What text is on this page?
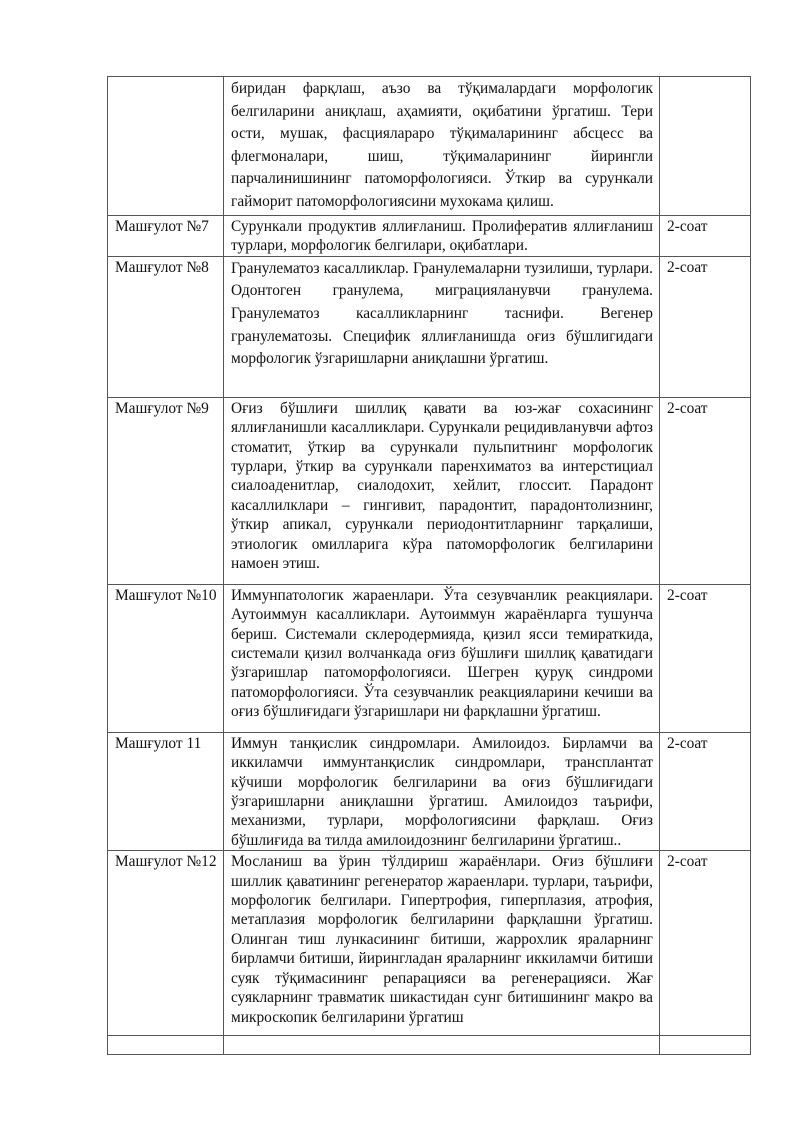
	биридан фарқлаш, аъзо ва тўқималардаги морфологик белгиларини аниқлаш, аҳамияти, оқибатини ўргатиш. Тери ости, мушак, фасциялараро тўқималарининг абсцесс ва флегмоналари, шиш, тўқималарининг йирингли парчалинишининг патоморфологияси. Ўткир ва сурункали гайморит патоморфологиясини мухокама қилиш.	
Машғулот №7	Сурункали продуктив яллиғланиш. Пролифератив яллиғланиш турлари, морфологик белгилари, оқибатлари.	2-соат
Машғулот №8	Гранулематоз касалликлар. Гранулемаларни тузилиши, турлари. Одонтоген гранулема, миграцияланувчи гранулема. Гранулематоз касалликларнинг таснифи. Вегенер гранулематозы. Специфик яллиғланишда оғиз бўшлигидаги морфологик ўзгаришларни аниқлашни ўргатиш.	2-соат
Машғулот №9	Оғиз бўшлиғи шиллиқ қавати ва юз-жағ сохасининг яллиғланишли касалликлари. Сурункали рецидивланувчи афтоз стоматит, ўткир ва сурункали пульпитнинг морфологик турлари, ўткир ва сурункали паренхиматоз ва интерстициал сиалоаденитлар, сиалодохит, хейлит, глоссит. Парадонт касаллилклари – гингивит, парадонтит, парадонтолизнинг, ўткир апикал, сурункали периодонтитларнинг тарқалиши, этиологик омилларига кўра патоморфологик белгиларини намоен этиш.	2-соат
Машғулот №10	Иммунпатологик жараенлари. Ўта сезувчанлик реакциялари. Аутоиммун касалликлари. Аутоиммун жараёнларга тушунча бериш. Системали склеродермияда, қизил ясси темираткида, системали қизил волчанкада оғиз бўшлиғи шиллиқ қаватидаги ўзгаришлар патоморфологияси. Шегрен қуруқ синдроми патоморфологияси. Ўта сезувчанлик реакцияларини кечиши ва оғиз бўшлиғидаги ўзгаришлари ни фарқлашни ўргатиш.	2-соат
Машғулот 11	Иммун танқислик синдромлари. Амилоидоз. Бирламчи ва иккиламчи иммунтанқислик синдромлари, трансплантат кўчиши морфологик белгиларини ва оғиз бўшлиғидаги ўзгаришларни аниқлашни ўргатиш. Амилоидоз таърифи, механизми, турлари, морфологиясини фарқлаш. Оғиз бўшлиғида ва тилда амилоидознинг белгиларини ўргатиш..	2-соат
Машғулот №12	Мосланиш ва ўрин тўлдириш жараёнлари. Оғиз бўшлиғи шиллик қаватининг регенератор жараенлари. турлари, таърифи, морфологик белгилари. Гипертрофия, гиперплазия, атрофия, метаплазия морфологик белгиларини фарқлашни ўргатиш. Олинган тиш лункасининг битиши, жаррохлик яраларнинг бирламчи битиши, йирингладан яраларнинг иккиламчи битиши суяк тўқимасининг репарацияси ва регенерацияси. Жағ суякларнинг травматик шикастидан сунг битишининг макро ва микроскопик белгиларини ўргатиш	2-соат
